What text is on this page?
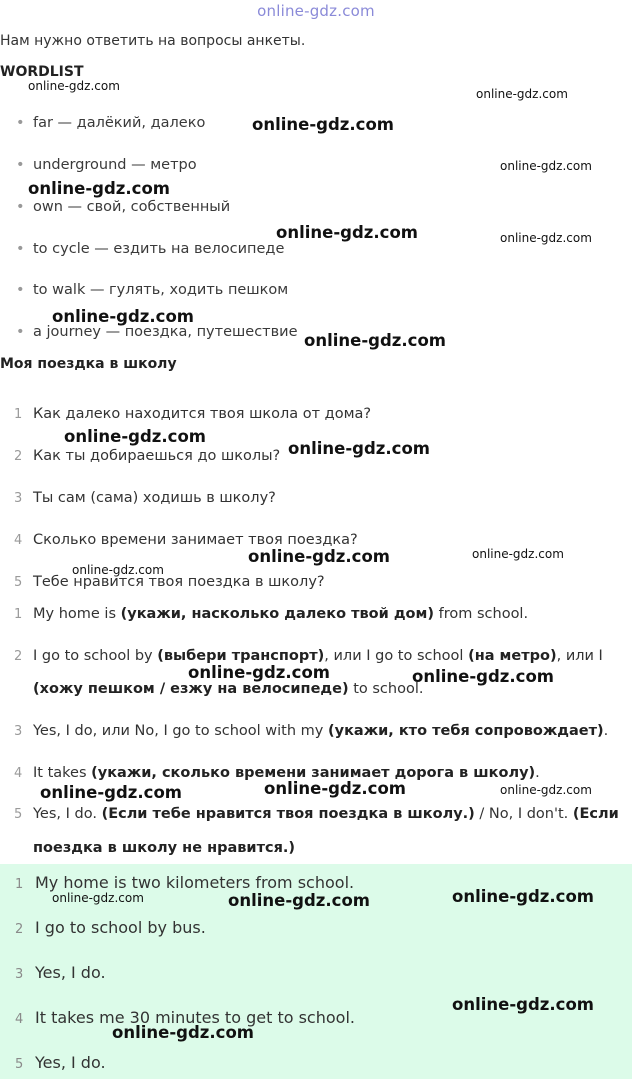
online-gdz.com
Нам нужно ответить на вопросы анкеты.
WORDLIST
• far — далёкий, далеко
• underground — метро
• own — свой, собственный
• to cycle — ездить на велосипеде
• to walk — гулять, ходить пешком
• a journey — поездка, путешествие
Моя поездка в школу
1 Как далеко находится твоя школа от дома?
2 Как ты добираешься до школы?
3 Ты сам (сама) ходишь в школу?
4 Сколько времени занимает твоя поездка?
5 Тебе нравится твоя поездка в школу?
1 My home is (укажи, насколько далеко твой дом) from school.
2 I go to school by (выбери транспорт), или I go to school (на метро), или I
(хожу пешком / езжу на велосипеде) to school.
3 Yes, I do, или No, I go to school with my (укажи, кто тебя сопровождает).
4 It takes (укажи, сколько времени занимает дорога в школу).
5 Yes, I do. (Если тебе нравится твоя поездка в школу.) / No, I don't. (Если
поездка в школу не нравится.)
1 My home is two kilometers from school.
2 I go to school by bus.
3 Yes, I do.
4 It takes me 30 minutes to get to school.
5 Yes, I do.
online-gdz.com
online-gdz.com
online-gdz.com
online-gdz.com
online-gdz.com
online-gdz.com	online-gdz.com
online-gdz.com
online-gdz.com
online-gdz.com
online-gdz.com
online-gdz.com	online-gdz.com
online-gdz.com
online-gdz.com	online-gdz.com
online-gdz.com
online-gdz.com	online-gdz.com
online-gdz.com	online-gdz.com
online-gdz.com
online-gdz.com
online-gdz.com
